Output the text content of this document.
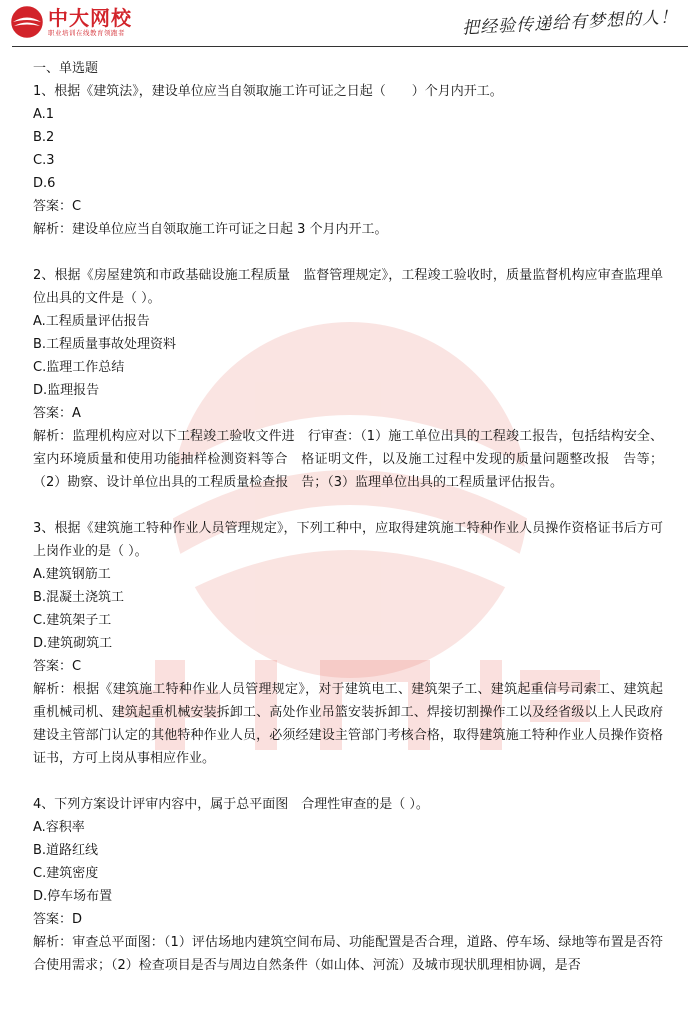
中大网校
职业培训在线教育领跑者	把经验传递给有梦想的人！

一、单选题

1、根据《建筑法》，建设单位应当自领取施工许可证之日起（　　）个月内开工。

A.1

B.2

C.3

D.6

答案：C

解析：建设单位应当自领取施工许可证之日起 3 个月内开工。

2、根据《房屋建筑和市政基础设施工程质量　监督管理规定》，工程竣工验收时，质量监督机构应审查监理单位出具的文件是（ ）。

A.工程质量评估报告

B.工程质量事故处理资料

C.监理工作总结

D.监理报告

答案：A

解析：监理机构应对以下工程竣工验收文件进　行审查：（1）施工单位出具的工程竣工报告，包括结构安全、室内环境质量和使用功能抽样检测资料等合　格证明文件，以及施工过程中发现的质量问题整改报　告等；（2）勘察、设计单位出具的工程质量检查报　告；（3）监理单位出具的工程质量评估报告。

3、根据《建筑施工特种作业人员管理规定》，下列工种中，应取得建筑施工特种作业人员操作资格证书后方可上岗作业的是（ ）。

A.建筑钢筋工

B.混凝土浇筑工

C.建筑架子工

D.建筑砌筑工

答案：C

解析：根据《建筑施工特种作业人员管理规定》，对于建筑电工、建筑架子工、建筑起重信号司索工、建筑起重机械司机、建筑起重机械安装拆卸工、高处作业吊篮安装拆卸工、焊接切割操作工以及经省级以上人民政府建设主管部门认定的其他特种作业人员，必须经建设主管部门考核合格，取得建筑施工特种作业人员操作资格证书，方可上岗从事相应作业。

4、下列方案设计评审内容中，属于总平面图　合理性审查的是（ ）。

A.容积率

B.道路红线

C.建筑密度

D.停车场布置

答案：D

解析：审查总平面图：（1）评估场地内建筑空间布局、功能配置是否合理，道路、停车场、绿地等布置是否符合使用需求；（2）检查项目是否与周边自然条件（如山体、河流）及城市现状肌理相协调，是否
